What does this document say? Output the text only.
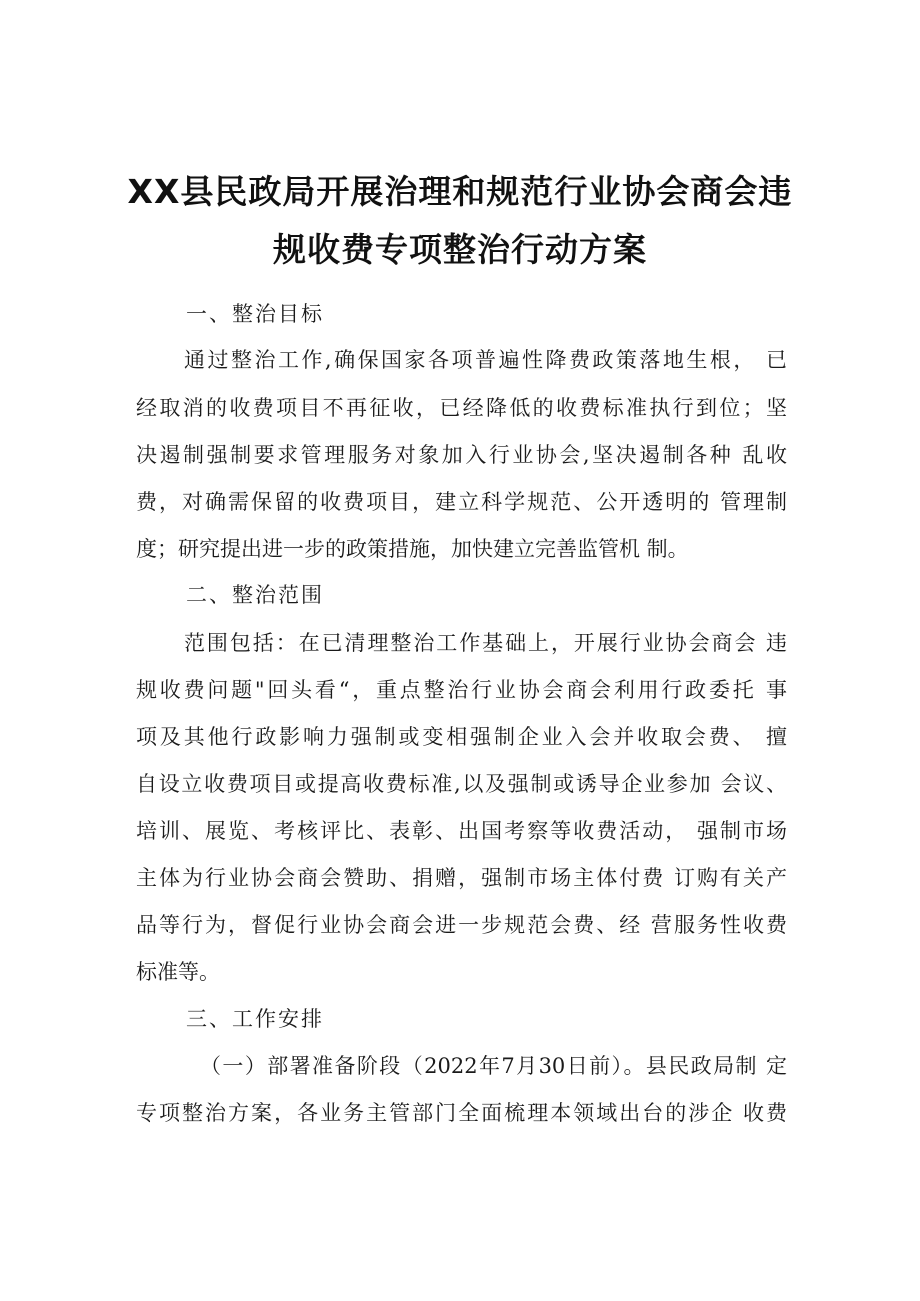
XX县民政局开展治理和规范行业协会商会违
规收费专项整治行动方案
一、整治目标
通过整治工作,确保国家各项普遍性降费政策落地生根， 已
经取消的收费项目不再征收，已经降低的收费标准执行到位；坚
决遏制强制要求管理服务对象加入行业协会,坚决遏制各种 乱收
费，对确需保留的收费项目，建立科学规范、公开透明的 管理制
度；研究提出进一步的政策措施，加快建立完善监管机 制。
二、整治范围
范围包括：在已清理整治工作基础上，开展行业协会商会 违
规收费问题"回头看“，重点整治行业协会商会利用行政委托 事
项及其他行政影响力强制或变相强制企业入会并收取会费、 擅
自设立收费项目或提高收费标准,以及强制或诱导企业参加 会议、
培训、展览、考核评比、表彰、出国考察等收费活动， 强制市场
主体为行业协会商会赞助、捐赠，强制市场主体付费 订购有关产
品等行为，督促行业协会商会进一步规范会费、经 营服务性收费
标准等。
三、工作安排
（一）部署准备阶段（2022年7月30日前）。县民政局制 定
专项整治方案，各业务主管部门全面梳理本领域出台的涉企 收费
